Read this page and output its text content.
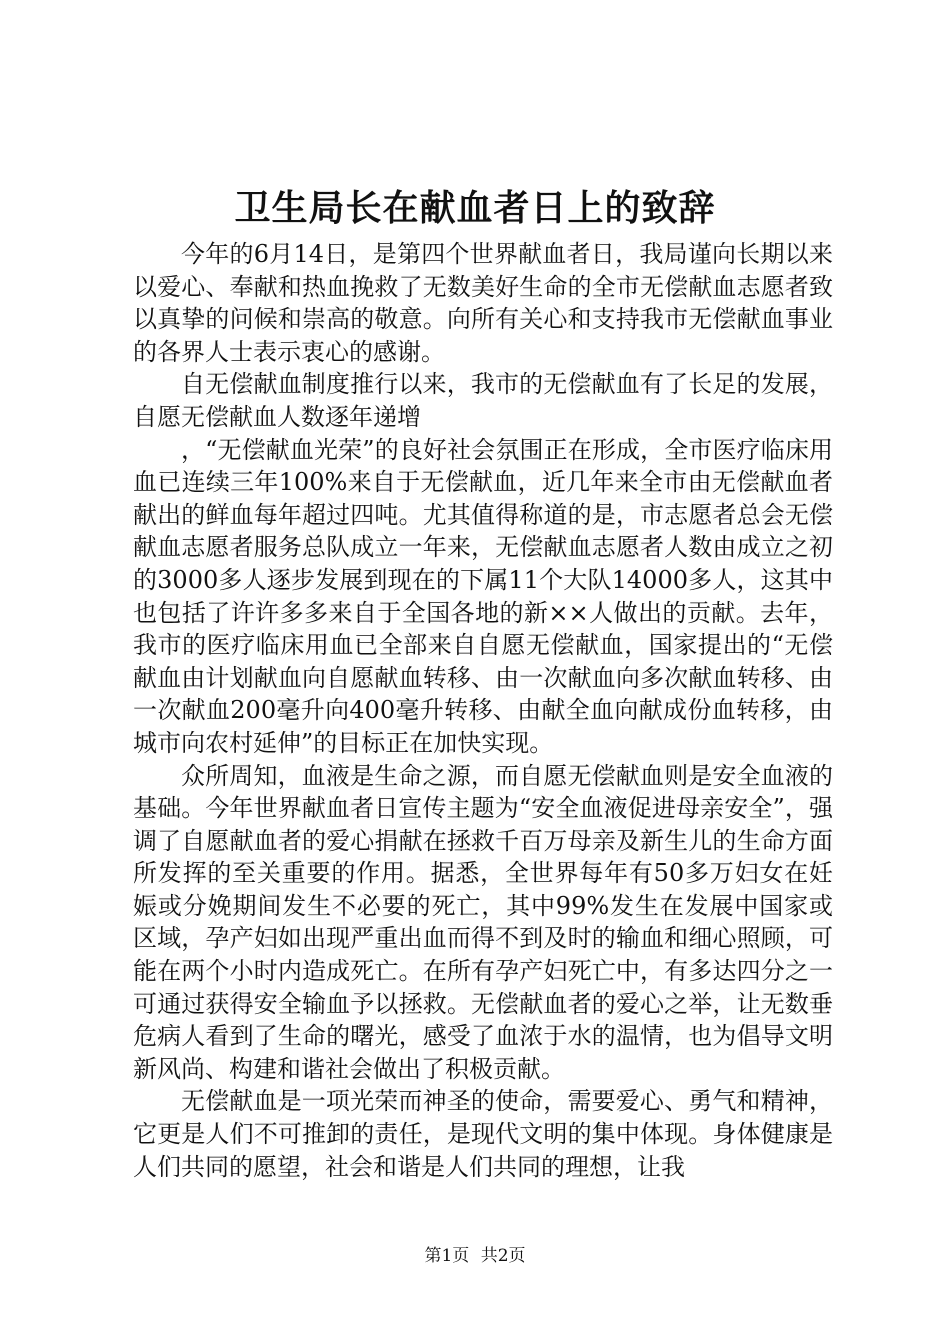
卫生局长在献血者日上的致辞

今年的6月14日，是第四个世界献血者日，我局谨向长期以来以爱心、奉献和热血挽救了无数美好生命的全市无偿献血志愿者致以真挚的问候和崇高的敬意。向所有关心和支持我市无偿献血事业的各界人士表示衷心的感谢。

自无偿献血制度推行以来，我市的无偿献血有了长足的发展，自愿无偿献血人数逐年递增

，“无偿献血光荣”的良好社会氛围正在形成，全市医疗临床用血已连续三年100%来自于无偿献血，近几年来全市由无偿献血者献出的鲜血每年超过四吨。尤其值得称道的是，市志愿者总会无偿献血志愿者服务总队成立一年来，无偿献血志愿者人数由成立之初的3000多人逐步发展到现在的下属11个大队14000多人，这其中也包括了许许多多来自于全国各地的新××人做出的贡献。去年，我市的医疗临床用血已全部来自自愿无偿献血，国家提出的“无偿献血由计划献血向自愿献血转移、由一次献血向多次献血转移、由一次献血200毫升向400毫升转移、由献全血向献成份血转移，由城市向农村延伸”的目标正在加快实现。

众所周知，血液是生命之源，而自愿无偿献血则是安全血液的基础。今年世界献血者日宣传主题为“安全血液促进母亲安全”，强调了自愿献血者的爱心捐献在拯救千百万母亲及新生儿的生命方面所发挥的至关重要的作用。据悉，全世界每年有50多万妇女在妊娠或分娩期间发生不必要的死亡，其中99%发生在发展中国家或区域，孕产妇如出现严重出血而得不到及时的输血和细心照顾，可能在两个小时内造成死亡。在所有孕产妇死亡中，有多达四分之一可通过获得安全输血予以拯救。无偿献血者的爱心之举，让无数垂危病人看到了生命的曙光，感受了血浓于水的温情，也为倡导文明新风尚、构建和谐社会做出了积极贡献。

无偿献血是一项光荣而神圣的使命，需要爱心、勇气和精神，它更是人们不可推卸的责任，是现代文明的集中体现。身体健康是人们共同的愿望，社会和谐是人们共同的理想，让我

第1页 共2页
